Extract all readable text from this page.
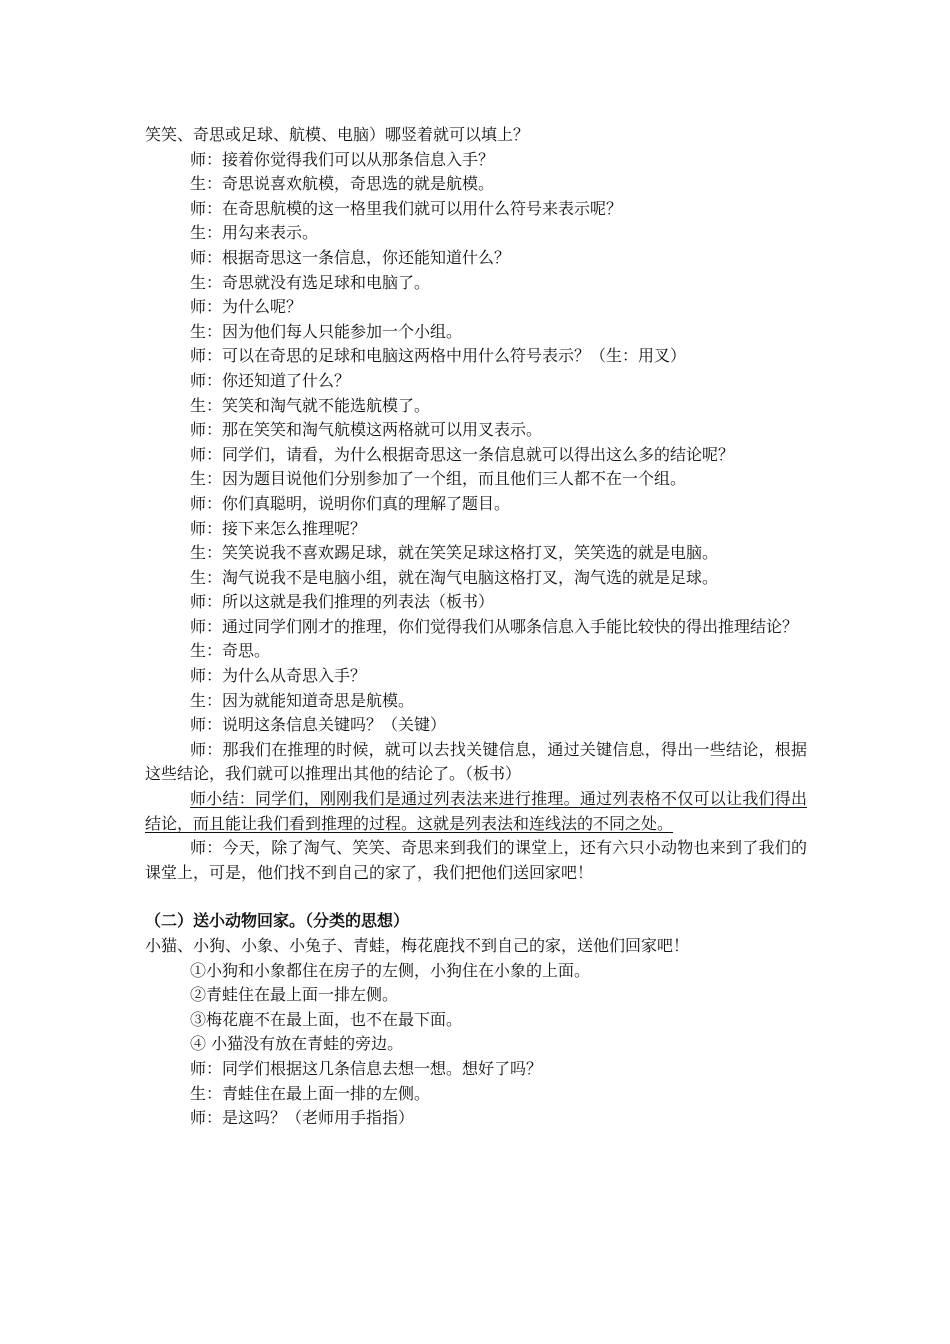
笑笑、奇思或足球、航模、电脑）哪竖着就可以填上？

师：接着你觉得我们可以从那条信息入手？

生：奇思说喜欢航模，奇思选的就是航模。

师：在奇思航模的这一格里我们就可以用什么符号来表示呢？

生：用勾来表示。

师：根据奇思这一条信息，你还能知道什么？

生：奇思就没有选足球和电脑了。

师：为什么呢？

生：因为他们每人只能参加一个小组。

师：可以在奇思的足球和电脑这两格中用什么符号表示？（生：用叉）

师：你还知道了什么？

生：笑笑和淘气就不能选航模了。

师：那在笑笑和淘气航模这两格就可以用叉表示。

师：同学们，请看，为什么根据奇思这一条信息就可以得出这么多的结论呢？

生：因为题目说他们分别参加了一个组，而且他们三人都不在一个组。

师：你们真聪明，说明你们真的理解了题目。

师：接下来怎么推理呢？

生：笑笑说我不喜欢踢足球，就在笑笑足球这格打叉，笑笑选的就是电脑。

生：淘气说我不是电脑小组，就在淘气电脑这格打叉，淘气选的就是足球。

师：所以这就是我们推理的列表法（板书）

师：通过同学们刚才的推理，你们觉得我们从哪条信息入手能比较快的得出推理结论？

生：奇思。

师：为什么从奇思入手？

生：因为就能知道奇思是航模。

师：说明这条信息关键吗？（关键）

师：那我们在推理的时候，就可以去找关键信息，通过关键信息，得出一些结论，根据这些结论，我们就可以推理出其他的结论了。（板书）

师小结：同学们，刚刚我们是通过列表法来进行推理。通过列表格不仅可以让我们得出结论，而且能让我们看到推理的过程。这就是列表法和连线法的不同之处。

师：今天，除了淘气、笑笑、奇思来到我们的课堂上，还有六只小动物也来到了我们的课堂上，可是，他们找不到自己的家了，我们把他们送回家吧！

（二）送小动物回家。（分类的思想）

小猫、小狗、小象、小兔子、青蛙，梅花鹿找不到自己的家，送他们回家吧！

①小狗和小象都住在房子的左侧，小狗住在小象的上面。

②青蛙住在最上面一排左侧。

③梅花鹿不在最上面，也不在最下面。

④ 小猫没有放在青蛙的旁边。

师：同学们根据这几条信息去想一想。想好了吗？

生：青蛙住在最上面一排的左侧。

师：是这吗？（老师用手指指）
